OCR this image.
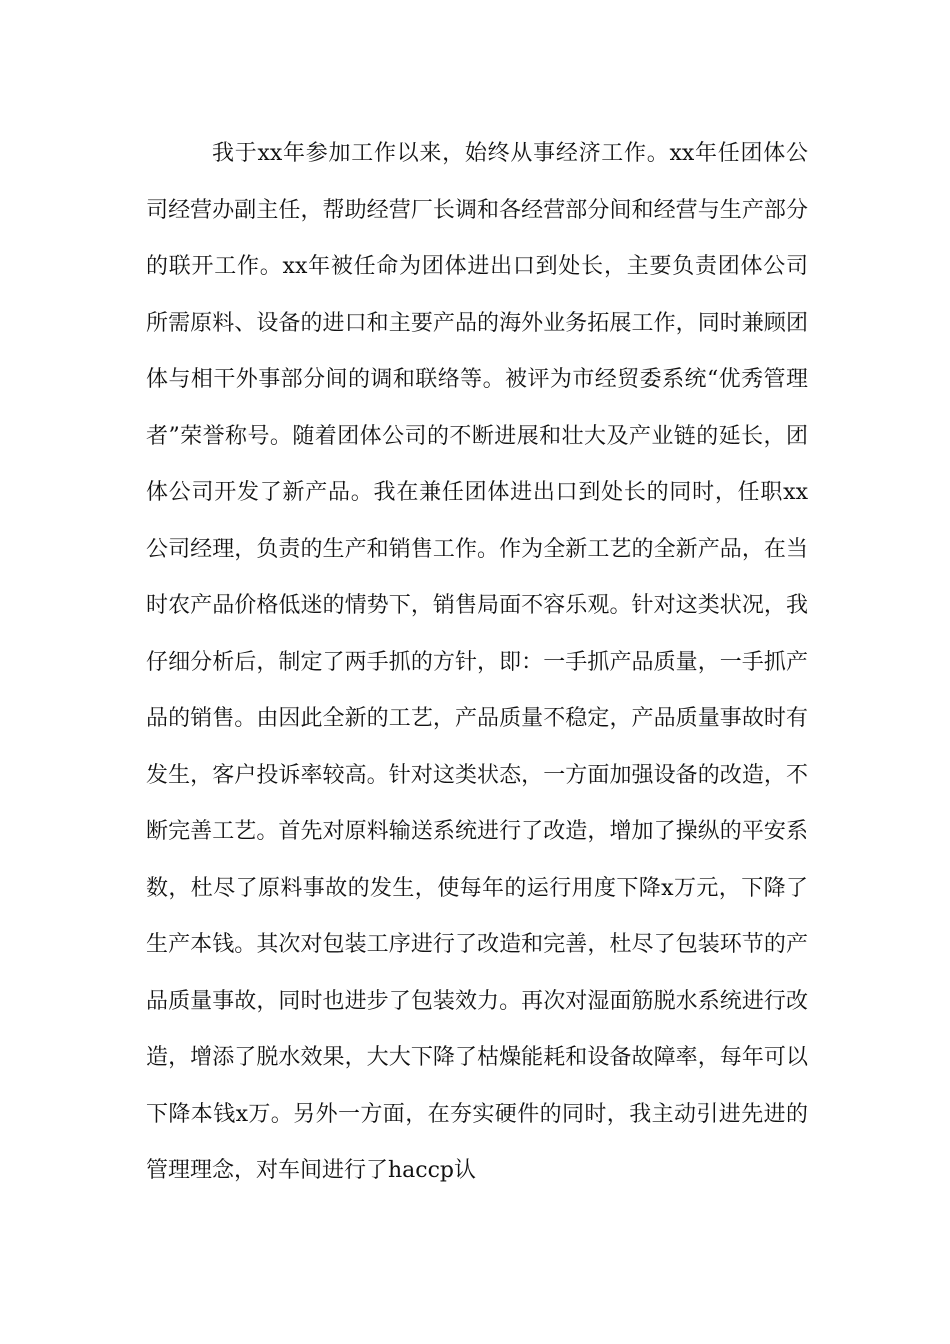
我于xx年参加工作以来，始终从事经济工作。xx年任团体公司经营办副主任，帮助经营厂长调和各经营部分间和经营与生产部分的联开工作。xx年被任命为团体进出口到处长，主要负责团体公司所需原料、设备的进口和主要产品的海外业务拓展工作，同时兼顾团体与相干外事部分间的调和联络等。被评为市经贸委系统“优秀管理者”荣誉称号。随着团体公司的不断进展和壮大及产业链的延长，团体公司开发了新产品。我在兼任团体进出口到处长的同时，任职xx公司经理，负责的生产和销售工作。作为全新工艺的全新产品，在当时农产品价格低迷的情势下，销售局面不容乐观。针对这类状况，我仔细分析后，制定了两手抓的方针，即：一手抓产品质量，一手抓产品的销售。由因此全新的工艺，产品质量不稳定，产品质量事故时有发生，客户投诉率较高。针对这类状态，一方面加强设备的改造，不断完善工艺。首先对原料输送系统进行了改造，增加了操纵的平安系数，杜尽了原料事故的发生，使每年的运行用度下降x万元，下降了生产本钱。其次对包装工序进行了改造和完善，杜尽了包装环节的产品质量事故，同时也进步了包装效力。再次对湿面筋脱水系统进行改造，增添了脱水效果，大大下降了枯燥能耗和设备故障率，每年可以下降本钱x万。另外一方面，在夯实硬件的同时，我主动引进先进的管理理念，对车间进行了haccp认
